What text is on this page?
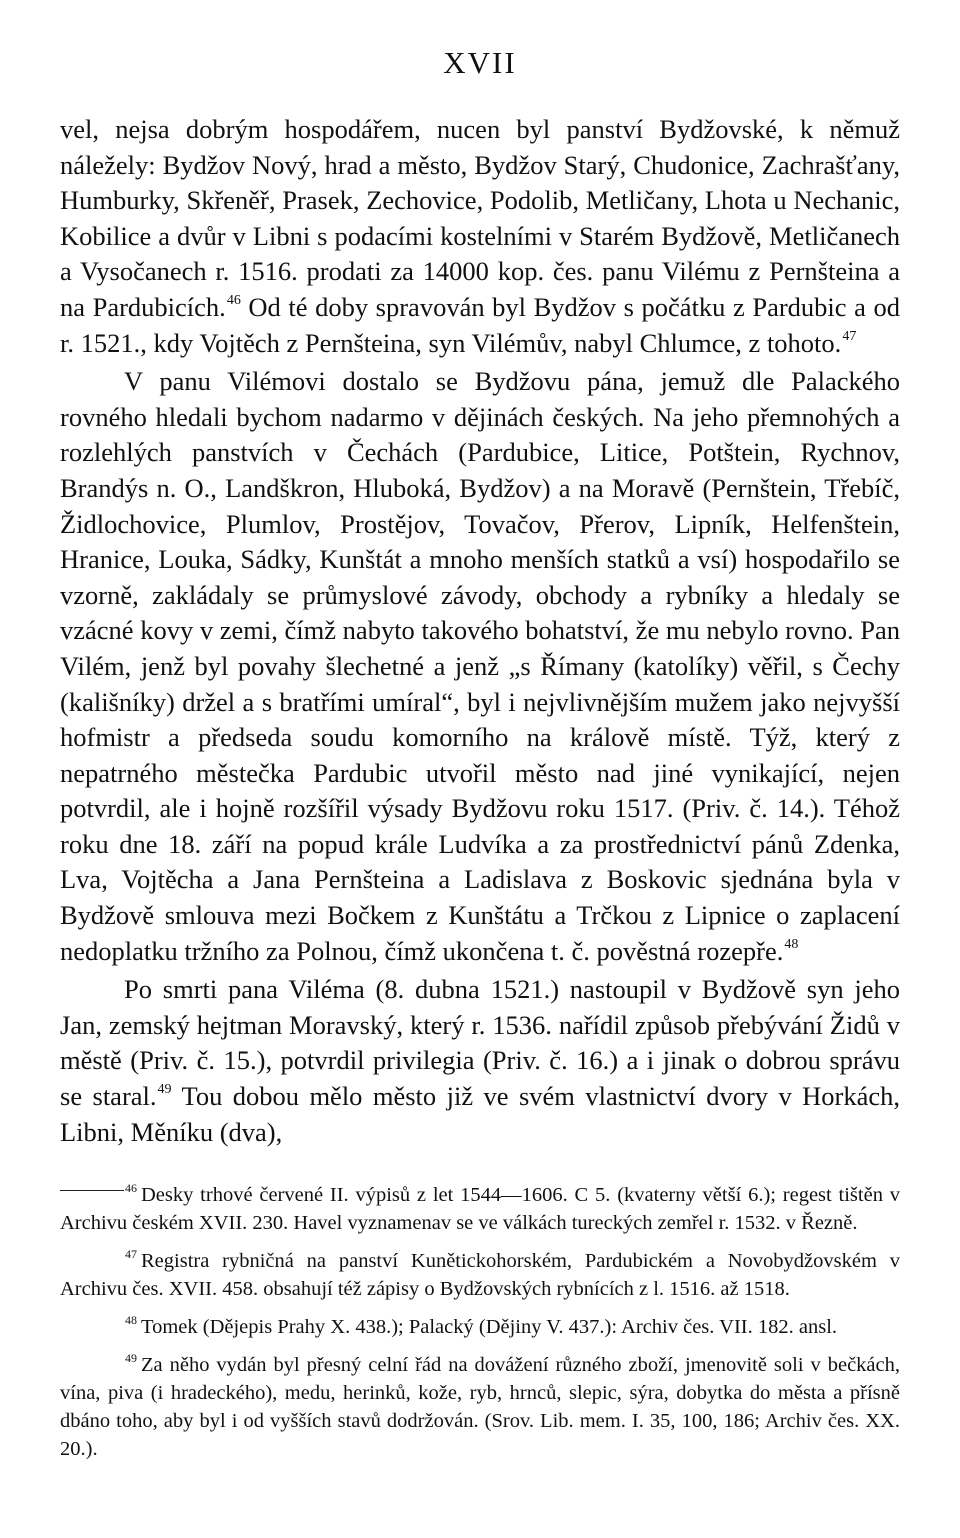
XVII

vel, nejsa dobrým hospodářem, nucen byl panství Bydžovské, k němuž náležely: Bydžov Nový, hrad a město, Bydžov Starý, Chudonice, Zachrašťany, Humburky, Skřeněř, Prasek, Zechovice, Podolib, Metličany, Lhota u Nechanic, Kobilice a dvůr v Libni s podacími kostelními v Starém Bydžově, Metličanech a Vysočanech r. 1516. prodati za 14000 kop. čes. panu Vilému z Pernšteina a na Pardubicích.$^{46}$ Od té doby spravován byl Bydžov s počátku z Pardubic a od r. 1521., kdy Vojtěch z Pernšteina, syn Vilémův, nabyl Chlumce, z tohoto.$^{47}$

V panu Vilémovi dostalo se Bydžovu pána, jemuž dle Palackého rovného hledali bychom nadarmo v dějinách českých. Na jeho přemnohých a rozlehlých panstvích v Čechách (Pardubice, Litice, Potštein, Rychnov, Brandýs n. O., Landškron, Hluboká, Bydžov) a na Moravě (Pernštein, Třebíč, Židlochovice, Plumlov, Prostějov, Tovačov, Přerov, Lipník, Helfenštein, Hranice, Louka, Sádky, Kunštát a mnoho menších statků a vsí) hospodařilo se vzorně, zakládaly se průmyslové závody, obchody a rybníky a hledaly se vzácné kovy v zemi, čímž nabyto takového bohatství, že mu nebylo rovno. Pan Vilém, jenž byl povahy šlechetné a jenž „s Římany (katolíky) věřil, s Čechy (kališníky) držel a s bratřími umíral“, byl i nejvlivnějším mužem jako nejvyšší hofmistr a předseda soudu komorního na králově místě. Týž, který z nepatrného městečka Pardubic utvořil město nad jiné vynikající, nejen potvrdil, ale i hojně rozšířil výsady Bydžovu roku 1517. (Priv. č. 14.). Téhož roku dne 18. září na popud krále Ludvíka a za prostřednictví pánů Zdenka, Lva, Vojtěcha a Jana Pernšteina a Ladislava z Boskovic sjednána byla v Bydžově smlouva mezi Bočkem z Kunštátu a Trčkou z Lipnice o zaplacení nedoplatku tržního za Polnou, čímž ukončena t. č. pověstná rozepře.$^{48}$

Po smrti pana Viléma (8. dubna 1521.) nastoupil v Bydžově syn jeho Jan, zemský hejtman Moravský, který r. 1536. nařídil způsob přebývání Židů v městě (Priv. č. 15.), potvrdil privilegia (Priv. č. 16.) a i jinak o dobrou správu se staral.$^{49}$ Tou dobou mělo město již ve svém vlastnictví dvory v Horkách, Libni, Měníku (dva),

$^{46}$ Desky trhové červené II. výpisů z let 1544—1606. C 5. (kvaterny větší 6.); regest tištěn v Archivu českém XVII. 230. Havel vyznamenav se ve válkách tureckých zemřel r. 1532. v Řezně.

$^{47}$ Registra rybničná na panství Kunětickohorském, Pardubickém a Novobydžovském v Archivu čes. XVII. 458. obsahují též zápisy o Bydžovských rybnících z l. 1516. až 1518.

$^{48}$ Tomek (Dějepis Prahy X. 438.); Palacký (Dějiny V. 437.): Archiv čes. VII. 182. ansl.

$^{49}$ Za něho vydán byl přesný celní řád na dovážení různého zboží, jmenovitě soli v bečkách, vína, piva (i hradeckého), medu, herinků, kože, ryb, hrnců, slepic, sýra, dobytka do města a přísně dbáno toho, aby byl i od vyšších stavů dodržován. (Srov. Lib. mem. I. 35, 100, 186; Archiv čes. XX. 20.).
